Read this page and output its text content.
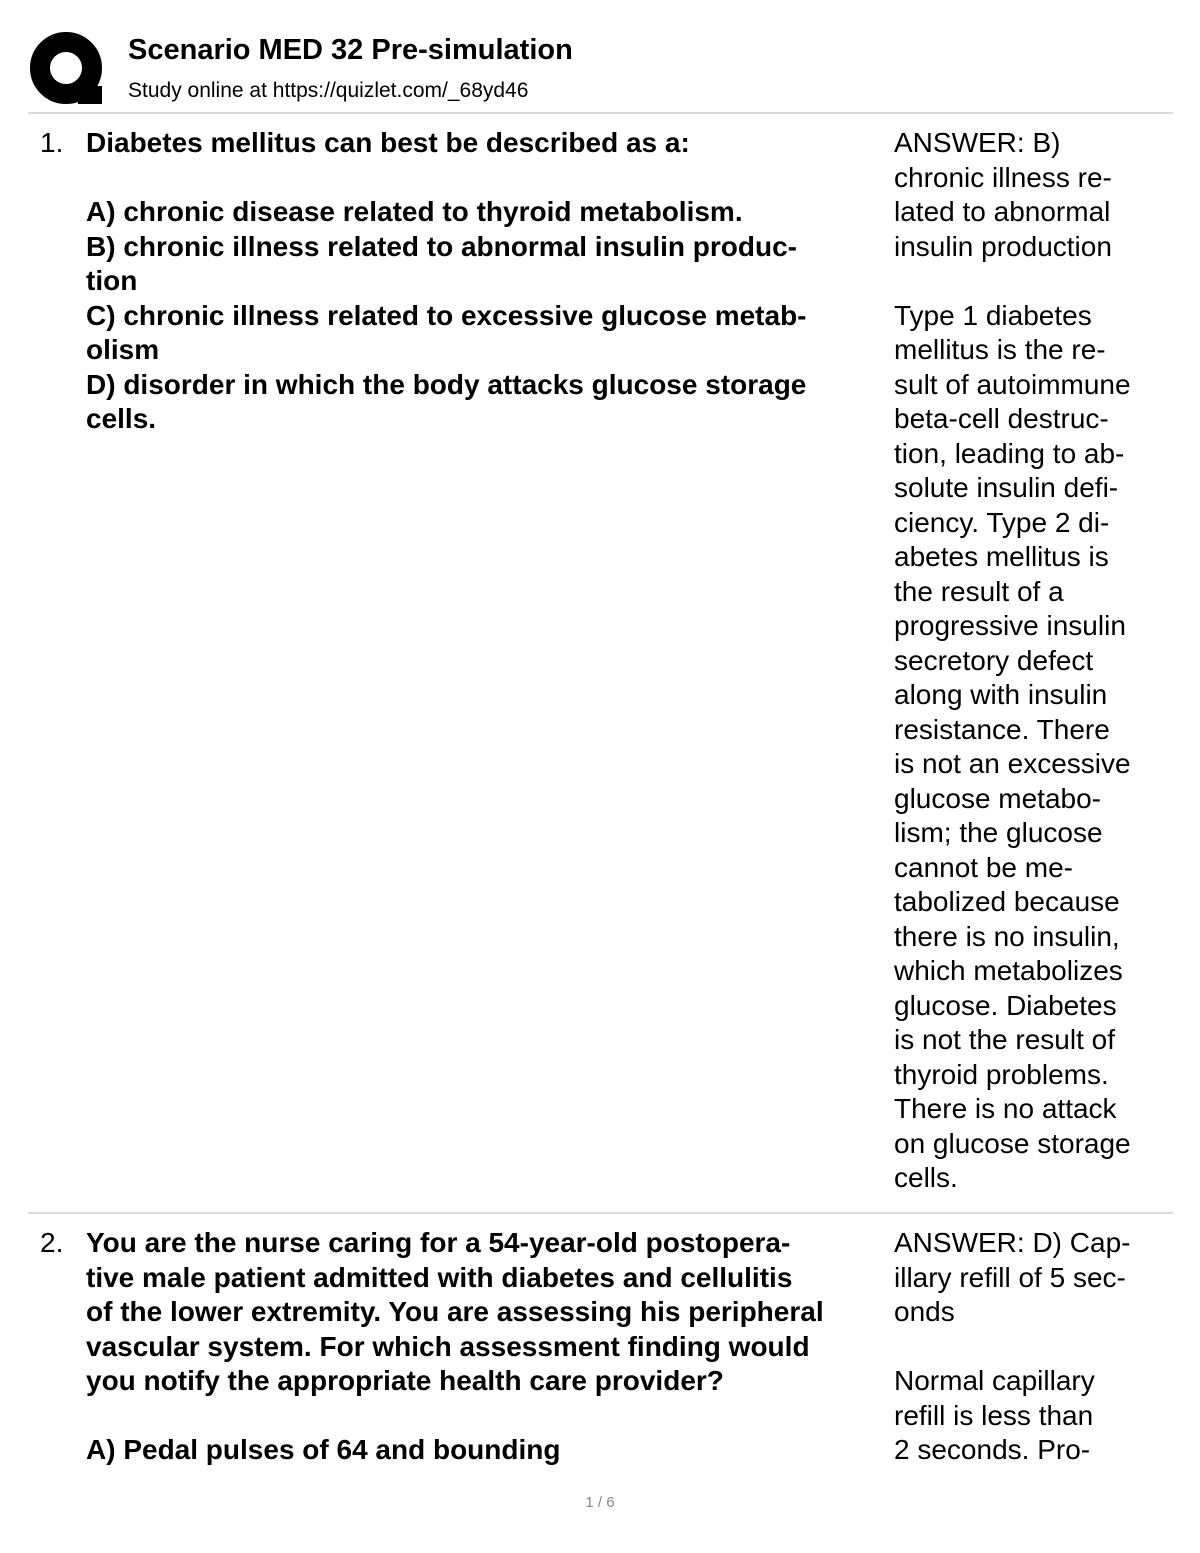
Scenario MED 32 Pre-simulation
Study online at https://quizlet.com/_68yd46
1. Diabetes mellitus can best be described as a:

A) chronic disease related to thyroid metabolism.
B) chronic illness related to abnormal insulin produc-
tion
C) chronic illness related to excessive glucose metab-
olism
D) disorder in which the body attacks glucose storage
cells.
ANSWER: B)
chronic illness re-
lated to abnormal
insulin production

Type 1 diabetes
mellitus is the re-
sult of autoimmune
beta-cell destruc-
tion, leading to ab-
solute insulin defi-
ciency. Type 2 di-
abetes mellitus is
the result of a
progressive insulin
secretory defect
along with insulin
resistance. There
is not an excessive
glucose metabo-
lism; the glucose
cannot be me-
tabolized because
there is no insulin,
which metabolizes
glucose. Diabetes
is not the result of
thyroid problems.
There is no attack
on glucose storage
cells.
2. You are the nurse caring for a 54-year-old postopera-
tive male patient admitted with diabetes and cellulitis
of the lower extremity. You are assessing his peripheral
vascular system. For which assessment finding would
you notify the appropriate health care provider?

A) Pedal pulses of 64 and bounding
ANSWER: D) Cap-
illary refill of 5 sec-
onds

Normal capillary
refill is less than
2 seconds. Pro-
1 / 6
